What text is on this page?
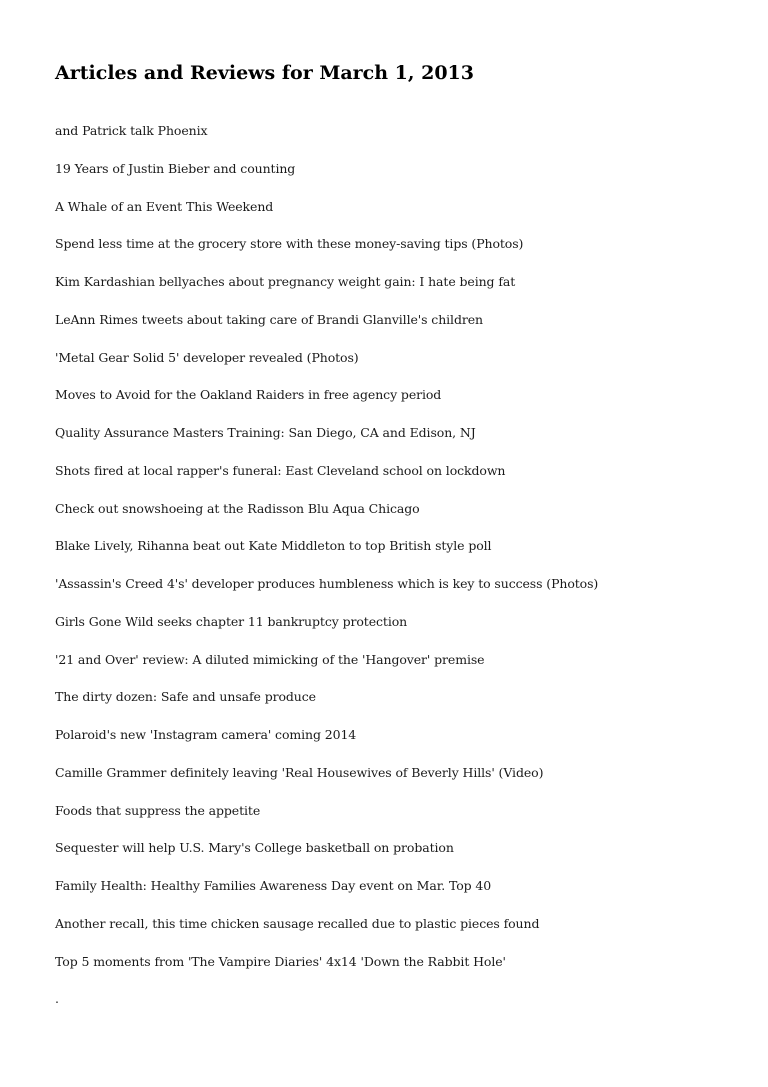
Articles and Reviews for March 1, 2013
and Patrick talk Phoenix
19 Years of Justin Bieber and counting
A Whale of an Event This Weekend
Spend less time at the grocery store with these money-saving tips (Photos)
Kim Kardashian bellyaches about pregnancy weight gain: I hate being fat
LeAnn Rimes tweets about taking care of Brandi Glanville's children
'Metal Gear Solid 5' developer revealed (Photos)
Moves to Avoid for the Oakland Raiders in free agency period
Quality Assurance Masters Training: San Diego, CA and Edison, NJ
Shots fired at local rapper's funeral: East Cleveland school on lockdown
Check out snowshoeing at the Radisson Blu Aqua Chicago
Blake Lively, Rihanna beat out Kate Middleton to top British style poll
'Assassin's Creed 4's' developer produces humbleness which is key to success (Photos)
Girls Gone Wild seeks chapter 11 bankruptcy protection
'21 and Over' review: A diluted mimicking of the 'Hangover' premise
The dirty dozen: Safe and unsafe produce
Polaroid's new 'Instagram camera' coming 2014
Camille Grammer definitely leaving 'Real Housewives of Beverly Hills' (Video)
Foods that suppress the appetite
Sequester will help U.S. Mary's College basketball on probation
Family Health: Healthy Families Awareness Day event on Mar. Top 40
Another recall, this time chicken sausage recalled due to plastic pieces found
Top 5 moments from 'The Vampire Diaries' 4x14 'Down the Rabbit Hole'
.
